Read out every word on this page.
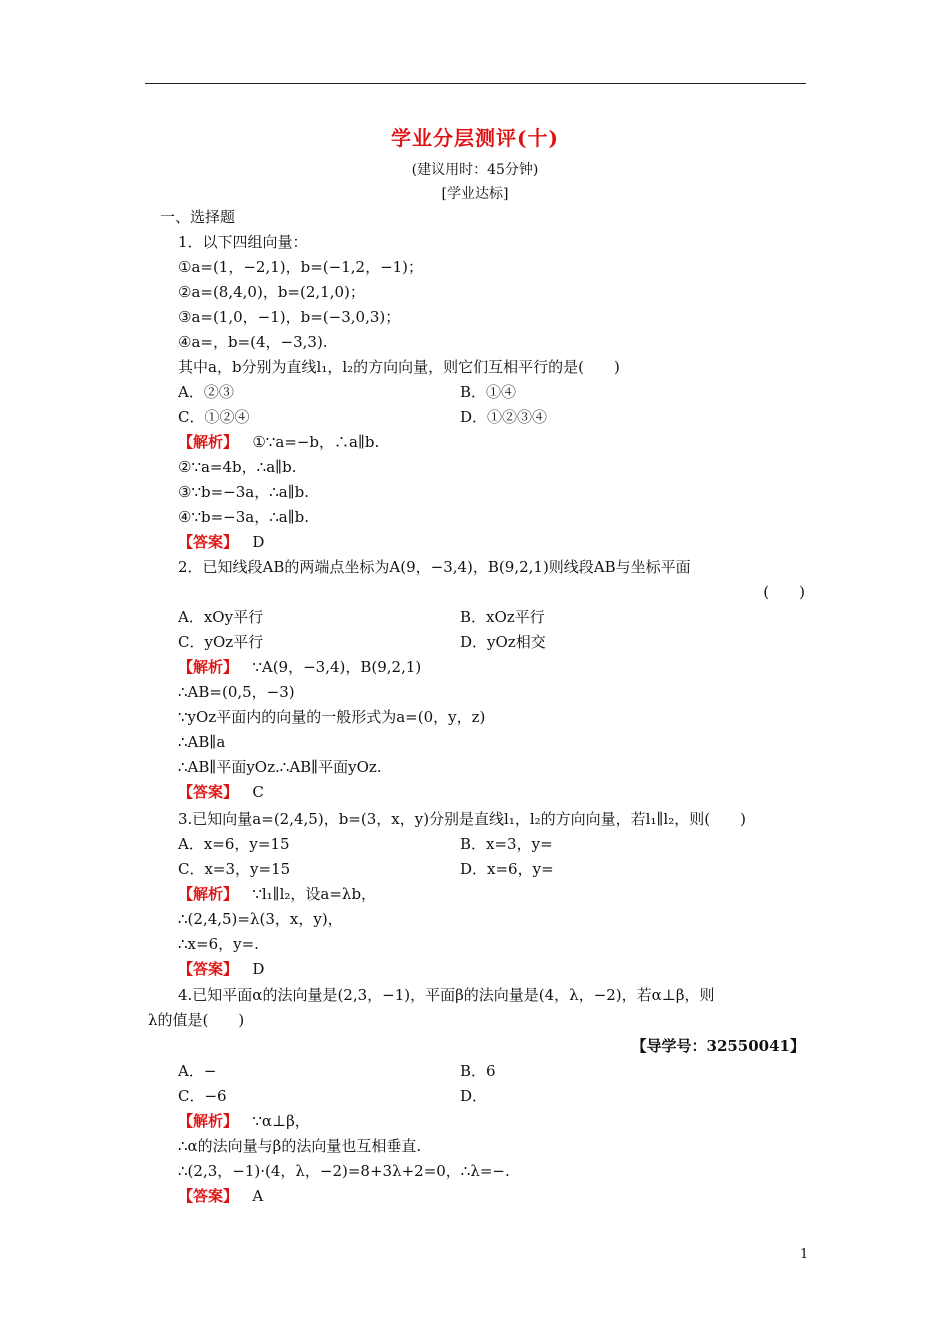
学业分层测评(十)
(建议用时：45分钟)
[学业达标]
一、选择题
1．以下四组向量：
①a=(1，−2,1)，b=(−1,2，−1)；
②a=(8,4,0)，b=(2,1,0)；
③a=(1,0，−1)，b=(−3,0,3)；
④a=，b=(4，−3,3).
其中a，b分别为直线l₁，l₂的方向向量，则它们互相平行的是(　　)
A．②③	B．①④
C．①②④	D．①②③④
【解析】 ①∵a=−b，∴a∥b.
②∵a=4b，∴a∥b.
③∵b=−3a，∴a∥b.
④∵b=−3a，∴a∥b.
【答案】 D
2．已知线段AB的两端点坐标为A(9，−3,4)，B(9,2,1)则线段AB与坐标平面
(　　)
A．xOy平行	B．xOz平行
C．yOz平行	D．yOz相交
【解析】 ∵A(9，−3,4)，B(9,2,1)
∴AB=(0,5，−3)
∵yOz平面内的向量的一般形式为a=(0，y，z)
∴AB∥a
∴AB∥平面yOz.∴AB∥平面yOz.
【答案】 C
3.已知向量a=(2,4,5)，b=(3，x，y)分别是直线l₁，l₂的方向向量，若l₁∥l₂，则(　　)
A．x=6，y=15	B．x=3，y=
C．x=3，y=15	D．x=6，y=
【解析】 ∵l₁∥l₂，设a=λb，
∴(2,4,5)=λ(3，x，y)，
∴x=6，y=.
【答案】 D
4.已知平面α的法向量是(2,3，−1)，平面β的法向量是(4，λ，−2)，若α⊥β，则
λ的值是(　　)
【导学号：32550041】
A．−	B．6
C．−6	D．
【解析】 ∵α⊥β，
∴α的法向量与β的法向量也互相垂直.
∴(2,3，−1)·(4，λ，−2)=8+3λ+2=0，∴λ=−.
【答案】 A
1
